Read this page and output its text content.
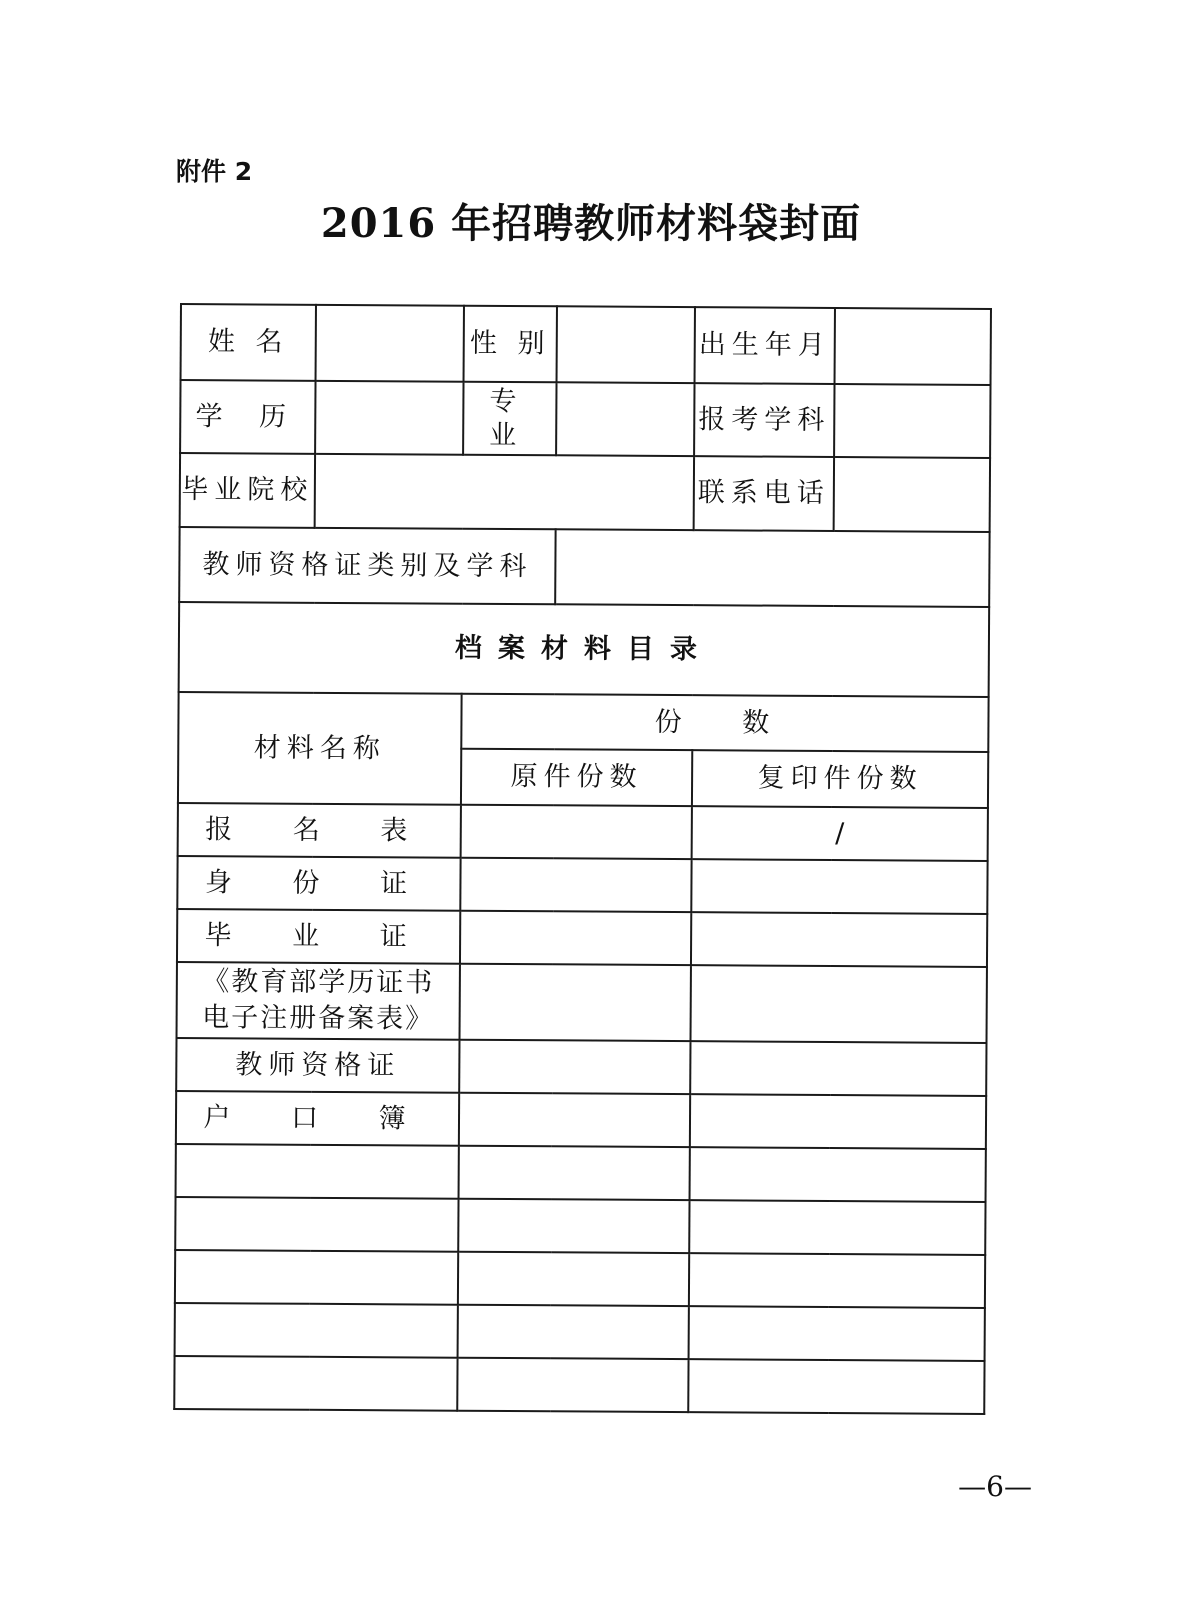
附件 2
2016 年招聘教师材料袋封面
姓 名		性 别		出生年月	
学 历		专 业		报考学科	
毕业院校				联系电话	
教师资格证类别及学科					
档案材料目录					
材料名称		份 数			
		原件份数		复印件份数	
报 名 表				/	
身 份 证					
毕 业 证					
《教育部学历证书电子注册备案表》					
教师资格证					
户 口 簿					

—6—
